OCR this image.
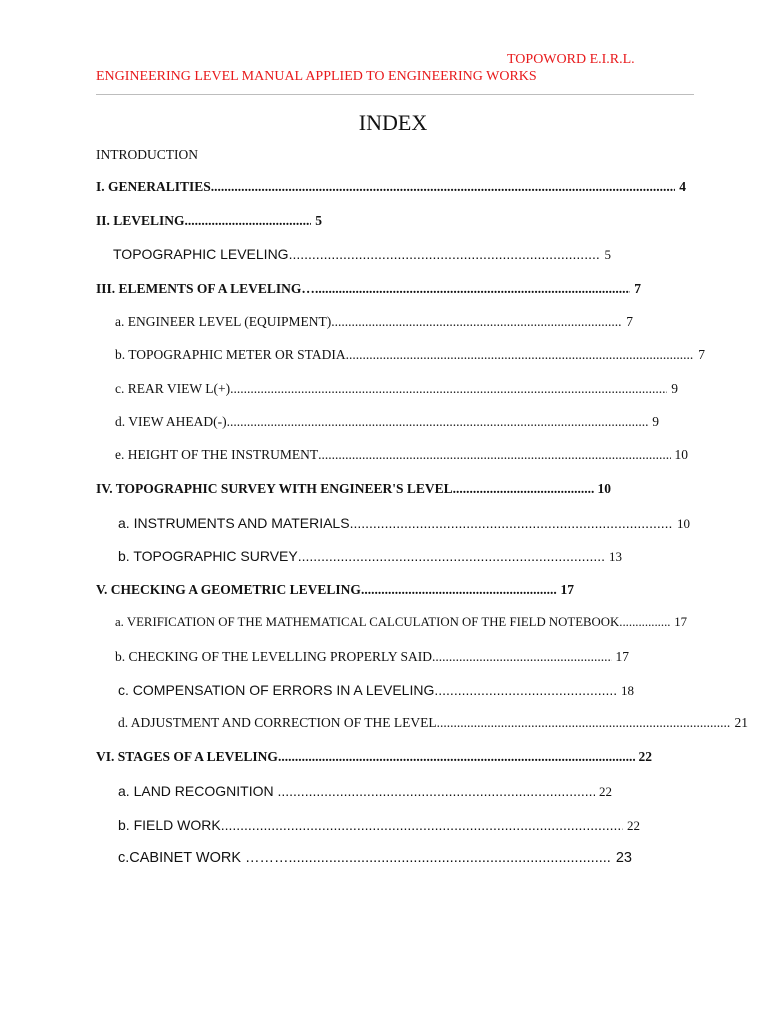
TOPOWORD E.I.R.L.
ENGINEERING LEVEL MANUAL APPLIED TO ENGINEERING WORKS
INDEX
INTRODUCTION
I. GENERALITIES .....	4
II. LEVELING .....	5
TOPOGRAPHIC LEVELING .....	5
III. ELEMENTS OF A LEVELING… .....	7
a. ENGINEER LEVEL (EQUIPMENT) .....	7
b. TOPOGRAPHIC METER OR STADIA .....	7
c. REAR VIEW L(+) .....	9
d. VIEW AHEAD(-) .....	9
e. HEIGHT OF THE INSTRUMENT .....	10
IV. TOPOGRAPHIC SURVEY WITH ENGINEER'S LEVEL .....	10
a. INSTRUMENTS AND MATERIALS .....	10
b. TOPOGRAPHIC SURVEY .....	13
V. CHECKING A GEOMETRIC LEVELING .....	17
a. VERIFICATION OF THE MATHEMATICAL CALCULATION OF THE FIELD NOTEBOOK .....	17
b. CHECKING OF THE LEVELLING PROPERLY SAID .....	17
c. COMPENSATION OF ERRORS IN A LEVELING .....	18
d. ADJUSTMENT AND CORRECTION OF THE LEVEL .....	21
VI. STAGES OF A LEVELING .....	22
a. LAND RECOGNITION .....	22
b. FIELD WORK .....	22
c.CABINET WORK ……… .....	23
